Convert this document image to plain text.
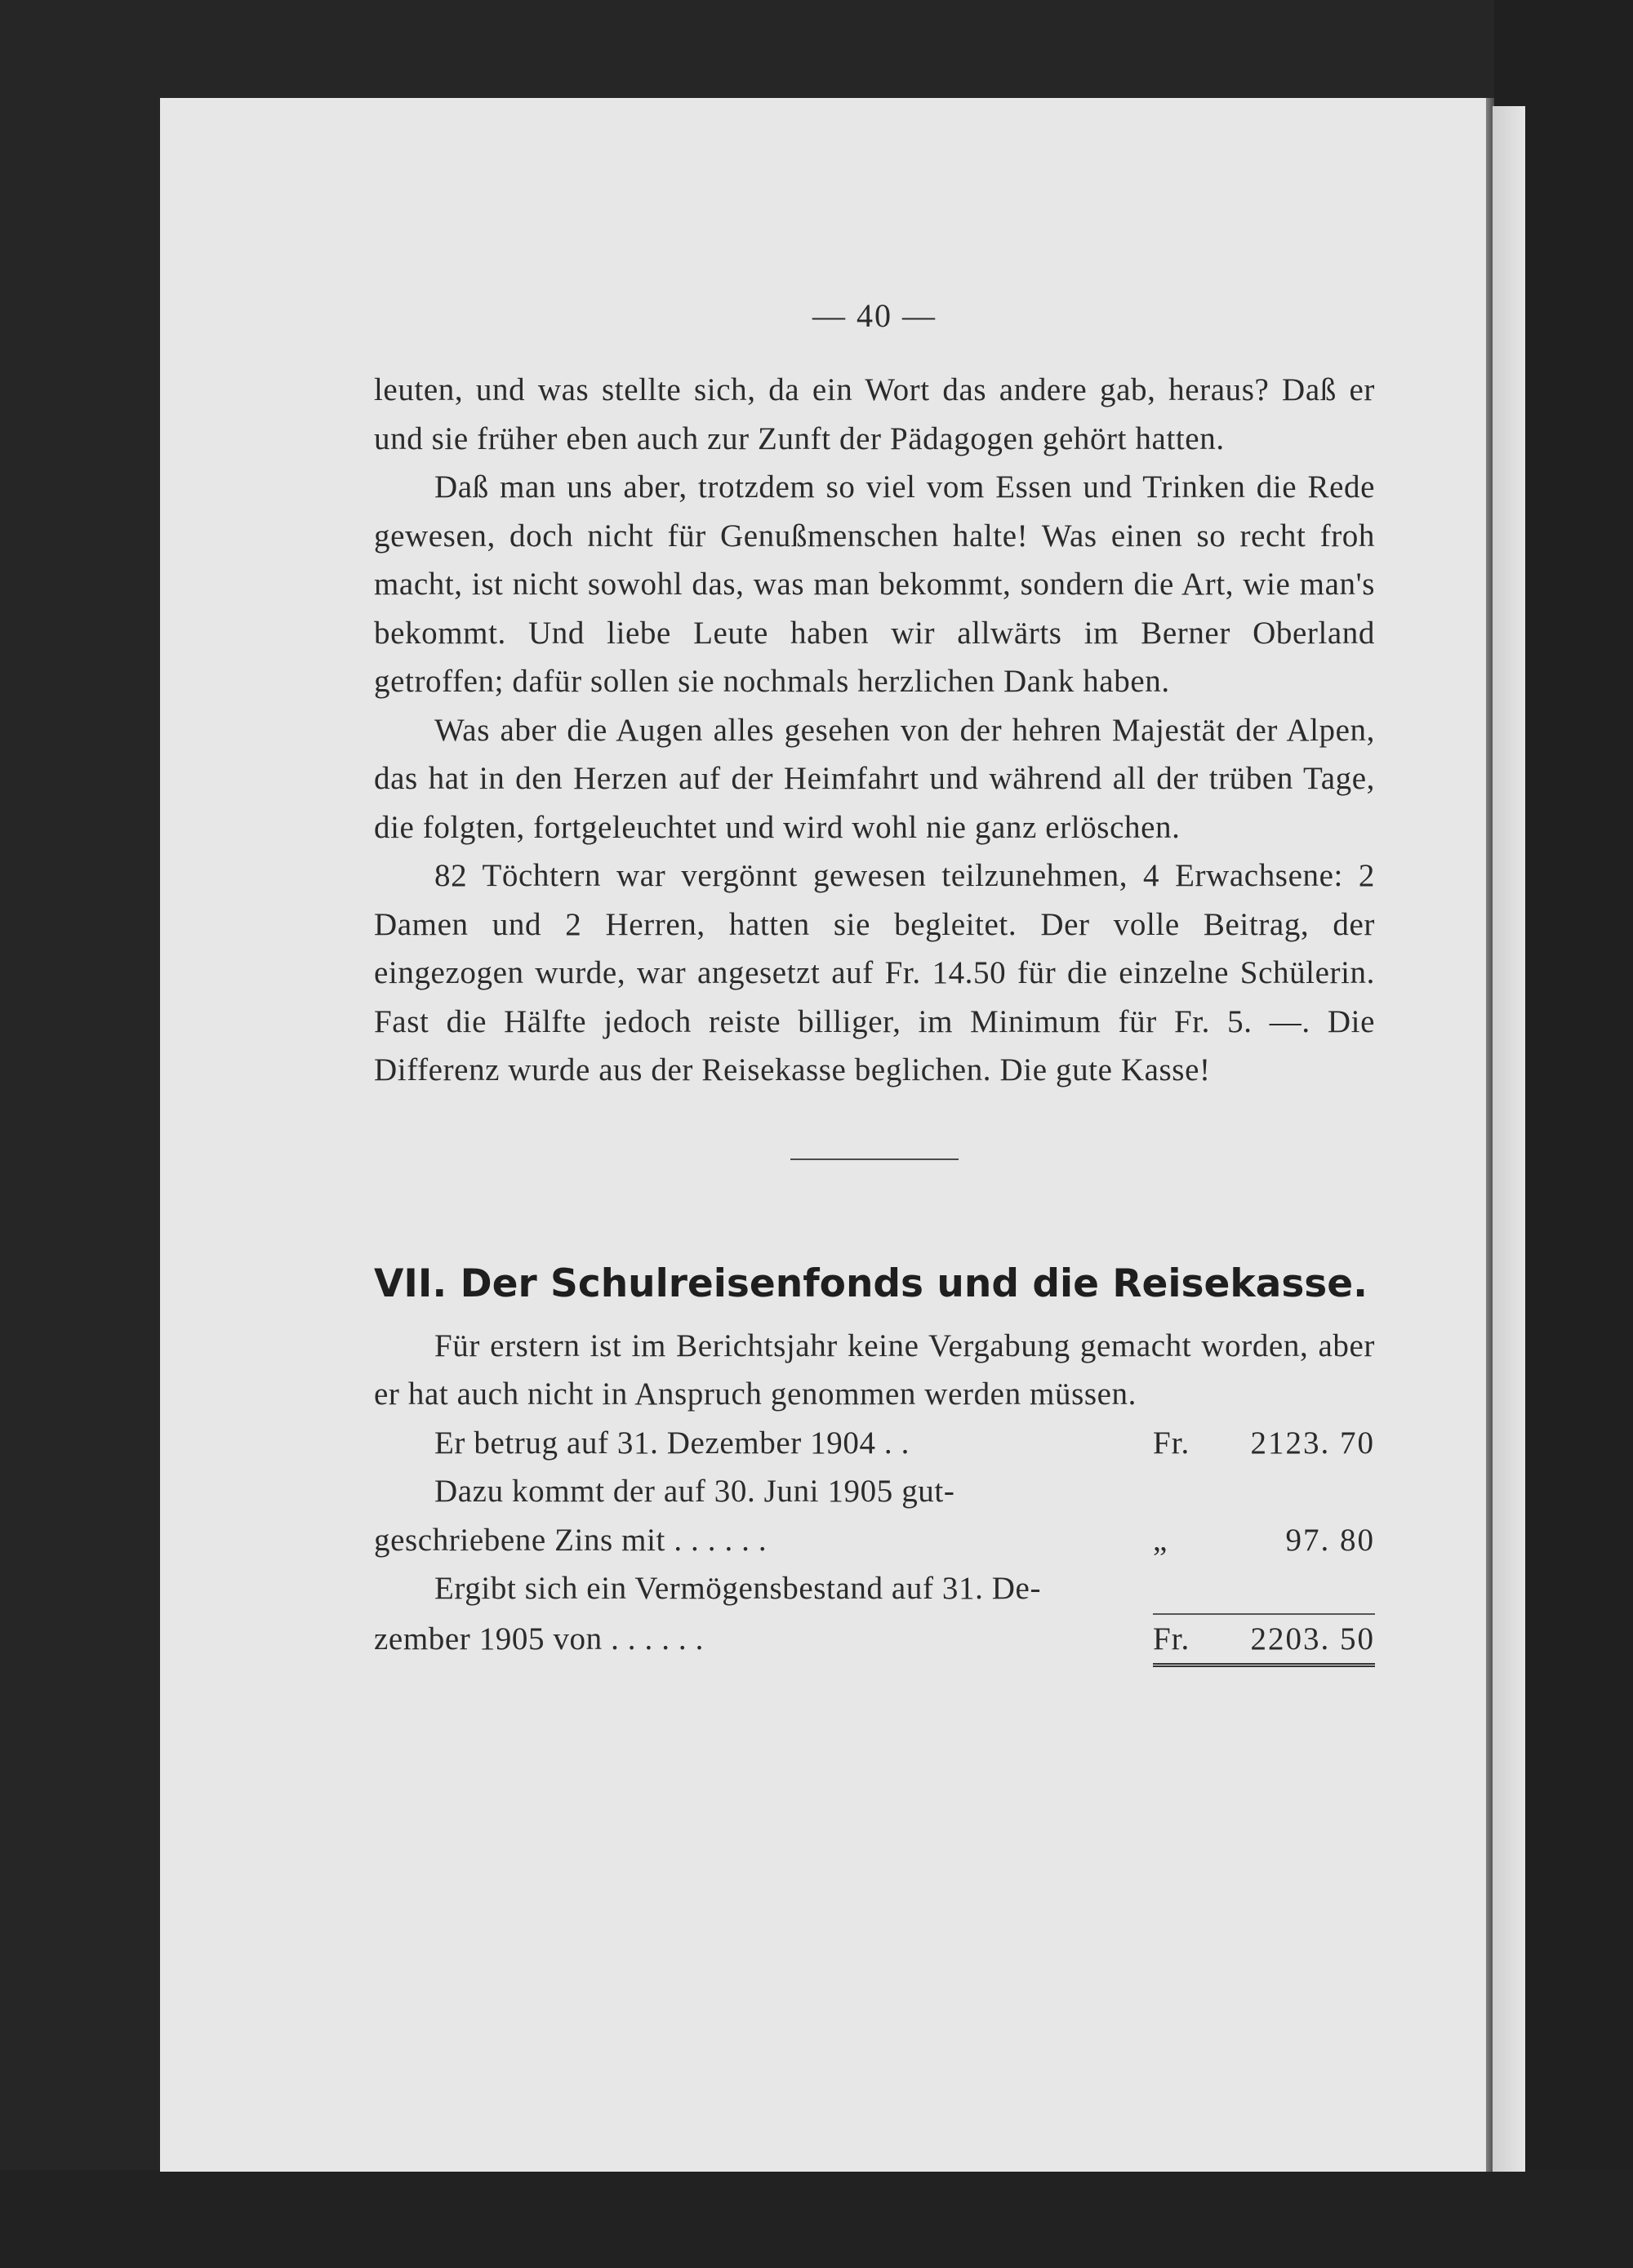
— 40 —

leuten, und was stellte sich, da ein Wort das andere gab, heraus? Daß er und sie früher eben auch zur Zunft der Pädagogen gehört hatten.

Daß man uns aber, trotzdem so viel vom Essen und Trinken die Rede gewesen, doch nicht für Genußmenschen halte! Was einen so recht froh macht, ist nicht sowohl das, was man bekommt, sondern die Art, wie man's bekommt. Und liebe Leute haben wir allwärts im Berner Oberland getroffen; dafür sollen sie nochmals herzlichen Dank haben.

Was aber die Augen alles gesehen von der hehren Majestät der Alpen, das hat in den Herzen auf der Heimfahrt und während all der trüben Tage, die folgten, fortgeleuchtet und wird wohl nie ganz erlöschen.

82 Töchtern war vergönnt gewesen teilzunehmen, 4 Erwachsene: 2 Damen und 2 Herren, hatten sie begleitet. Der volle Beitrag, der eingezogen wurde, war angesetzt auf Fr. 14.50 für die einzelne Schülerin. Fast die Hälfte jedoch reiste billiger, im Minimum für Fr. 5. —. Die Differenz wurde aus der Reisekasse beglichen. Die gute Kasse!

VII. Der Schulreisenfonds und die Reisekasse.

Für erstern ist im Berichtsjahr keine Vergabung gemacht worden, aber er hat auch nicht in Anspruch genommen werden müssen.

Er betrug auf 31. Dezember 1904 . .	Fr.	2123. 70
Dazu kommt der auf 30. Juni 1905 gut-
geschriebene Zins mit . . . . . .	„	97. 80
Ergibt sich ein Vermögensbestand auf 31. De-
zember 1905 von . . . . . .	Fr.	2203. 50
